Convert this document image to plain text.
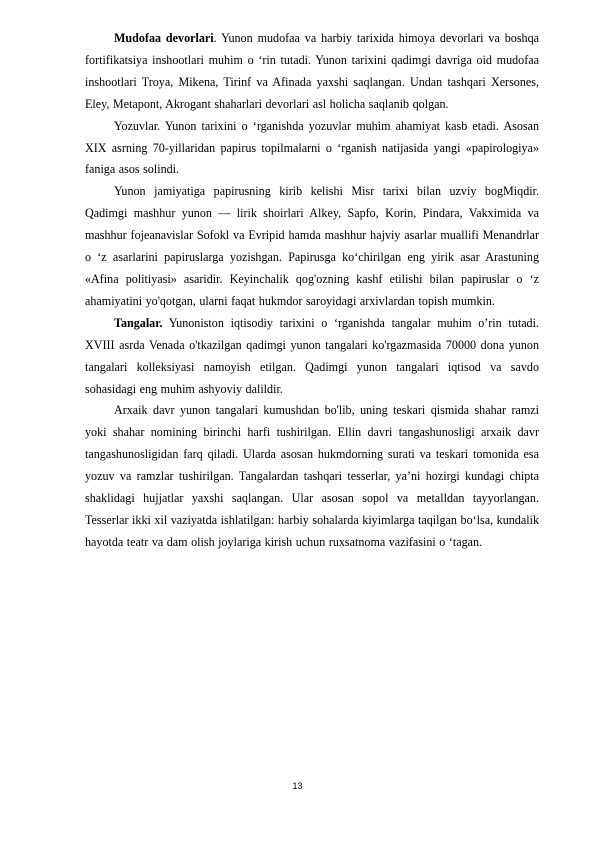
Mudofaa devorlari. Yunon mudofaa va harbiy tarixida himoya devorlari va boshqa fortifikatsiya inshootlari muhim o ‘rin tutadi. Yunon tarixini qadimgi davriga oid mudofaa inshootlari Troya, Mikena, Tirinf va Afinada yaxshi saqlangan. Undan tashqari Xersones, Eley, Metapont, Akrogant shaharlari devorlari asl holicha saqlanib qolgan.

Yozuvlar. Yunon tarixini o ‘rganishda yozuvlar muhim ahamiyat kasb etadi. Asosan XIX asrning 70-yillaridan papirus topilmalarni o ‘rganish natijasida yangi «papirologiya» faniga asos solindi.

Yunon jamiyatiga papirusning kirib kelishi Misr tarixi bilan uzviy bogMiqdir. Qadimgi mashhur yunon — lirik shoirlari Alkey, Sapfo, Korin, Pindara, Vakximida va mashhur fojeanavislar Sofokl va Evripid hamda mashhur hajviy asarlar muallifi Menandrlar o ‘z asarlarini papiruslarga yozishgan. Papirusga ko‘chirilgan eng yirik asar Arastuning «Afina politiyasi» asaridir. Keyinchalik qog'ozning kashf etilishi bilan papiruslar o ‘z ahamiyatini yo'qotgan, ularni faqat hukmdor saroyidagi arxivlardan topish mumkin.

Tangalar. Yunoniston iqtisodiy tarixini o ‘rganishda tangalar muhim o’rin tutadi. XVIII asrda Venada o'tkazilgan qadimgi yunon tangalari ko'rgazmasida 70000 dona yunon tangalari kolleksiyasi namoyish etilgan. Qadimgi yunon tangalari iqtisod va savdo sohasidagi eng muhim ashyoviy dalildir.

Arxaik davr yunon tangalari kumushdan bo'lib, uning teskari qismida shahar ramzi yoki shahar nomining birinchi harfi tushirilgan. Ellin davri tangashunosligi arxaik davr tangashunosligidan farq qiladi. Ularda asosan hukmdorning surati va teskari tomonida esa yozuv va ramzlar tushirilgan. Tangalardan tashqari tesserlar, ya’ni hozirgi kundagi chipta shaklidagi hujjatlar yaxshi saqlangan. Ular asosan sopol va metalldan tayyorlangan. Tesserlar ikki xil vaziyatda ishlatilgan: harbiy sohalarda kiyimlarga taqilgan bo‘lsa, kundalik hayotda teatr va dam olish joylariga kirish uchun ruxsatnoma vazifasini o ‘tagan.

13
